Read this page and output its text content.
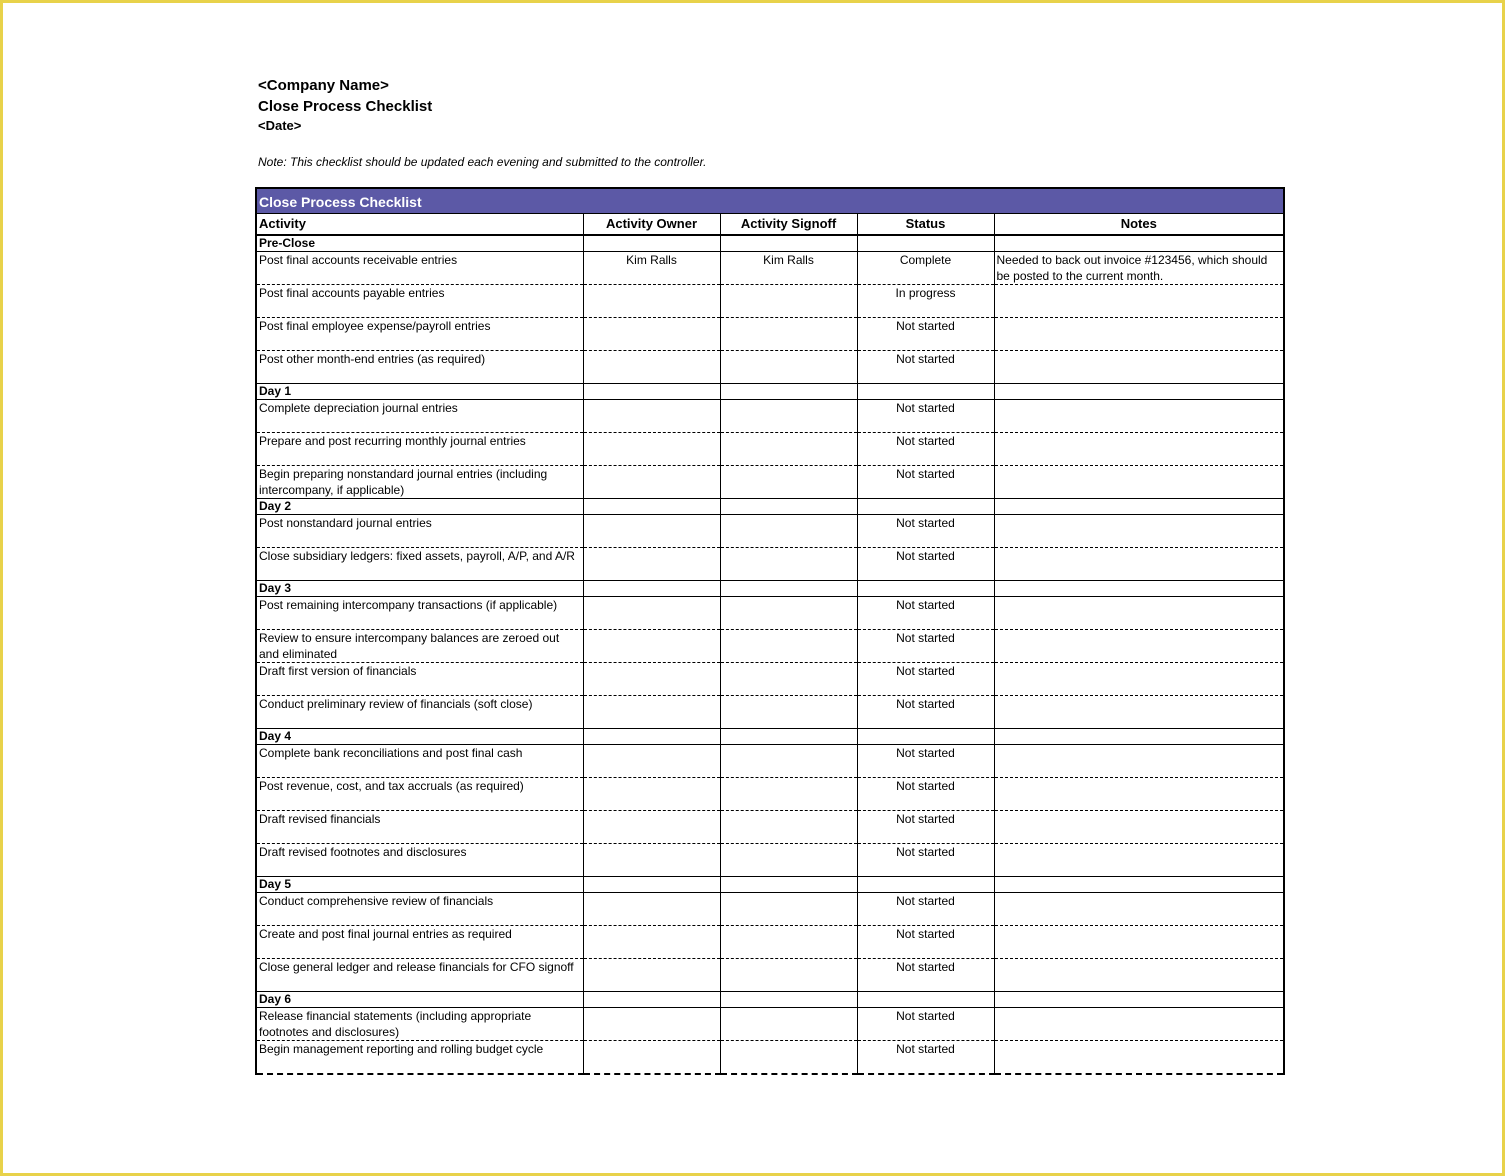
<Company Name>
Close Process Checklist
<Date>
Note: This checklist should be updated each evening and submitted to the controller.
Close Process Checklist
Activity	Activity Owner	Activity Signoff	Status	Notes
Pre-Close				
Post final accounts receivable entries	Kim Ralls	Kim Ralls	Complete	Needed to back out invoice #123456, which should be posted to the current month.
Post final accounts payable entries			In progress	
Post final employee expense/payroll entries			Not started	
Post other month-end entries (as required)			Not started	
Day 1				
Complete depreciation journal entries			Not started	
Prepare and post recurring monthly journal entries			Not started	
Begin preparing nonstandard journal entries (including intercompany, if applicable)			Not started	
Day 2				
Post nonstandard journal entries			Not started	
Close subsidiary ledgers: fixed assets, payroll, A/P, and A/R			Not started	
Day 3				
Post remaining intercompany transactions (if applicable)			Not started	
Review to ensure intercompany balances are zeroed out and eliminated			Not started	
Draft first version of financials			Not started	
Conduct preliminary review of financials (soft close)			Not started	
Day 4				
Complete bank reconciliations and post final cash			Not started	
Post revenue, cost, and tax accruals (as required)			Not started	
Draft revised financials			Not started	
Draft revised footnotes and disclosures			Not started	
Day 5				
Conduct comprehensive review of financials			Not started	
Create and post final journal entries as required			Not started	
Close general ledger and release financials for CFO signoff			Not started	
Day 6				
Release financial statements (including appropriate footnotes and disclosures)			Not started	
Begin management reporting and rolling budget cycle			Not started	
